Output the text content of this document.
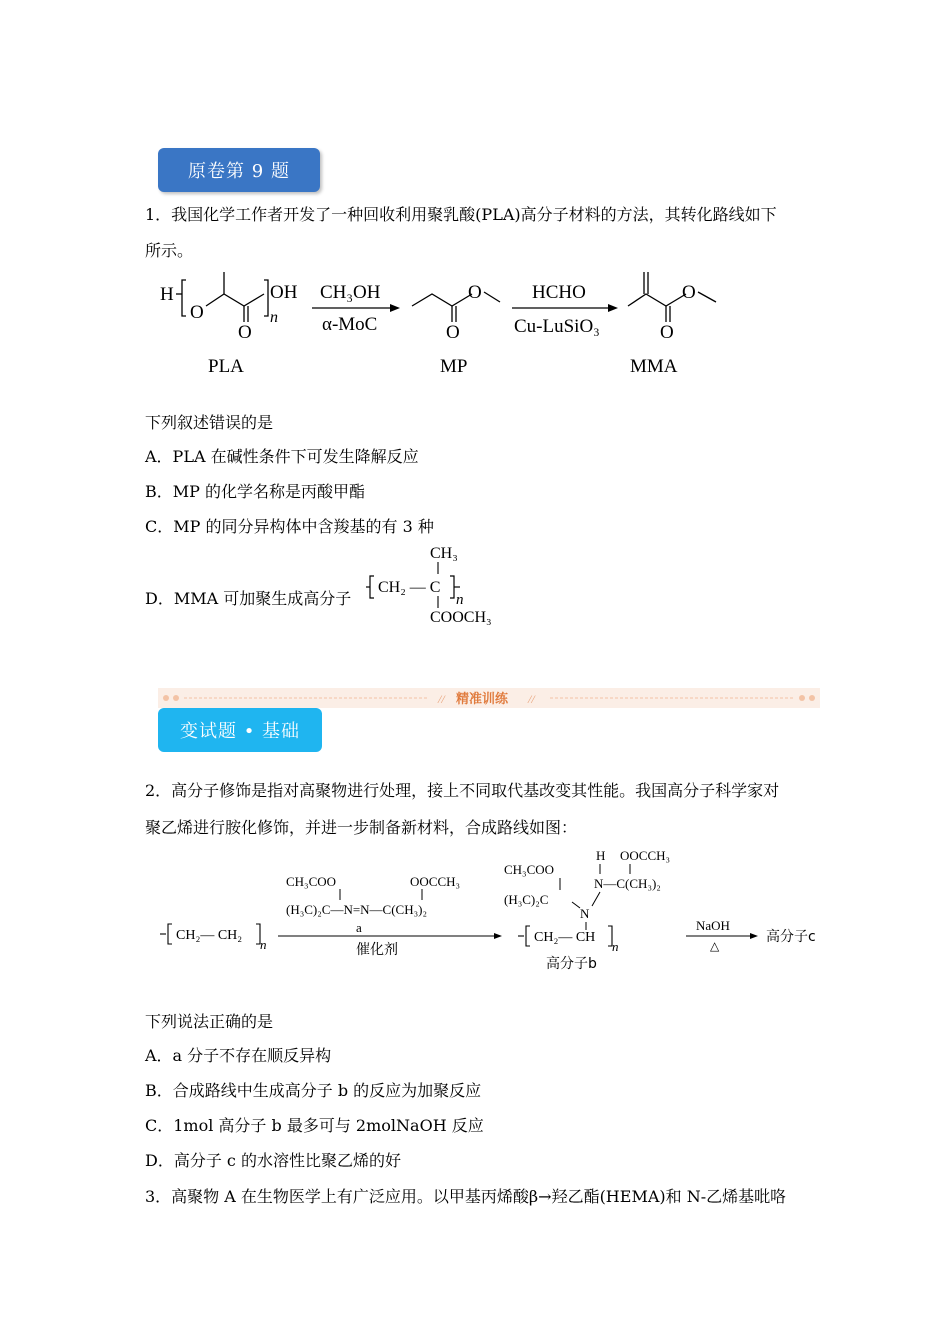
原卷第 9 题
1．我国化学工作者开发了一种回收利用聚乳酸(PLA)高分子材料的方法，其转化路线如下
所示。
H
O
O
n
OH CH₃OH
α-MoC	O
O	HCHO
Cu-LuSiO₃	O
O
PLA	MP	MMA
下列叙述错误的是
A．PLA 在碱性条件下可发生降解反应
B．MP 的化学名称是丙酸甲酯
C．MP 的同分异构体中含羧基的有 3 种
D．MMA 可加聚生成高分子
CH₃
CH₂ — C
n
COOCH₃
// 精准训练 //
变试题 • 基础
2．高分子修饰是指对高聚物进行处理，接上不同取代基改变其性能。我国高分子科学家对
聚乙烯进行胺化修饰，并进一步制备新材料，合成路线如图：
CH₂— CH₂
n
CH₃COO	OOCCH₃
(H₃C)₂C—N=N—C(CH₃)₂
a
催化剂
CH₃COO
H OOCCH₃
N—C(CH₃)₂
(H₃C)₂C
N
CH₂— CH
n
高分子b
NaOH
△
高分子c
下列说法正确的是
A．a 分子不存在顺反异构
B．合成路线中生成高分子 b 的反应为加聚反应
C．1mol 高分子 b 最多可与 2molNaOH 反应
D．高分子 c 的水溶性比聚乙烯的好
3．高聚物 A 在生物医学上有广泛应用。以甲基丙烯酸β→羟乙酯(HEMA)和 N-乙烯基吡咯
